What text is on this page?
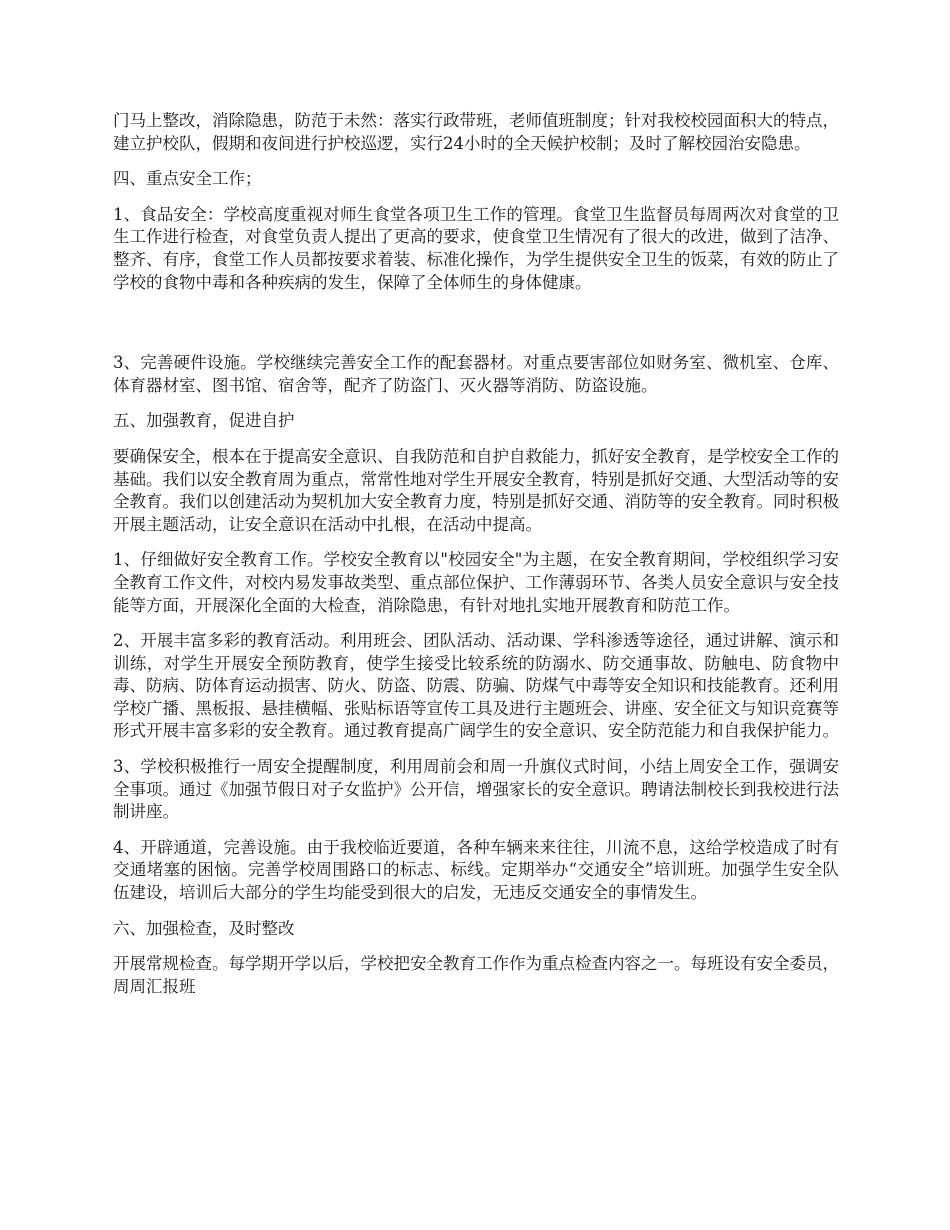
门马上整改，消除隐患，防范于未然：落实行政带班，老师值班制度；针对我校校园面积大的特点，建立护校队，假期和夜间进行护校巡逻，实行24小时的全天候护校制；及时了解校园治安隐患。

四、重点安全工作；

1、食品安全：学校高度重视对师生食堂各项卫生工作的管理。食堂卫生监督员每周两次对食堂的卫生工作进行检查，对食堂负责人提出了更高的要求，使食堂卫生情况有了很大的改进，做到了洁净、整齐、有序，食堂工作人员都按要求着装、标准化操作，为学生提供安全卫生的饭菜，有效的防止了学校的食物中毒和各种疾病的发生，保障了全体师生的身体健康。

3、完善硬件设施。学校继续完善安全工作的配套器材。对重点要害部位如财务室、微机室、仓库、体育器材室、图书馆、宿舍等，配齐了防盗门、灭火器等消防、防盗设施。

五、加强教育，促进自护

要确保安全，根本在于提高安全意识、自我防范和自护自救能力，抓好安全教育，是学校安全工作的基础。我们以安全教育周为重点，常常性地对学生开展安全教育，特别是抓好交通、大型活动等的安全教育。我们以创建活动为契机加大安全教育力度，特别是抓好交通、消防等的安全教育。同时积极开展主题活动，让安全意识在活动中扎根，在活动中提高。

1、仔细做好安全教育工作。学校安全教育以"校园安全"为主题，在安全教育期间，学校组织学习安全教育工作文件，对校内易发事故类型、重点部位保护、工作薄弱环节、各类人员安全意识与安全技能等方面，开展深化全面的大检查，消除隐患，有针对地扎实地开展教育和防范工作。

2、开展丰富多彩的教育活动。利用班会、团队活动、活动课、学科渗透等途径，通过讲解、演示和训练，对学生开展安全预防教育，使学生接受比较系统的防溺水、防交通事故、防触电、防食物中毒、防病、防体育运动损害、防火、防盗、防震、防骗、防煤气中毒等安全知识和技能教育。还利用学校广播、黑板报、悬挂横幅、张贴标语等宣传工具及进行主题班会、讲座、安全征文与知识竞赛等形式开展丰富多彩的安全教育。通过教育提高广阔学生的安全意识、安全防范能力和自我保护能力。

3、学校积极推行一周安全提醒制度，利用周前会和周一升旗仪式时间，小结上周安全工作，强调安全事项。通过《加强节假日对子女监护》公开信，增强家长的安全意识。聘请法制校长到我校进行法制讲座。

4、开辟通道，完善设施。由于我校临近要道，各种车辆来来往往，川流不息，这给学校造成了时有交通堵塞的困恼。完善学校周围路口的标志、标线。定期举办“交通安全”培训班。加强学生安全队伍建设，培训后大部分的学生均能受到很大的启发，无违反交通安全的事情发生。

六、加强检查，及时整改

开展常规检查。每学期开学以后，学校把安全教育工作作为重点检查内容之一。每班设有安全委员，周周汇报班
